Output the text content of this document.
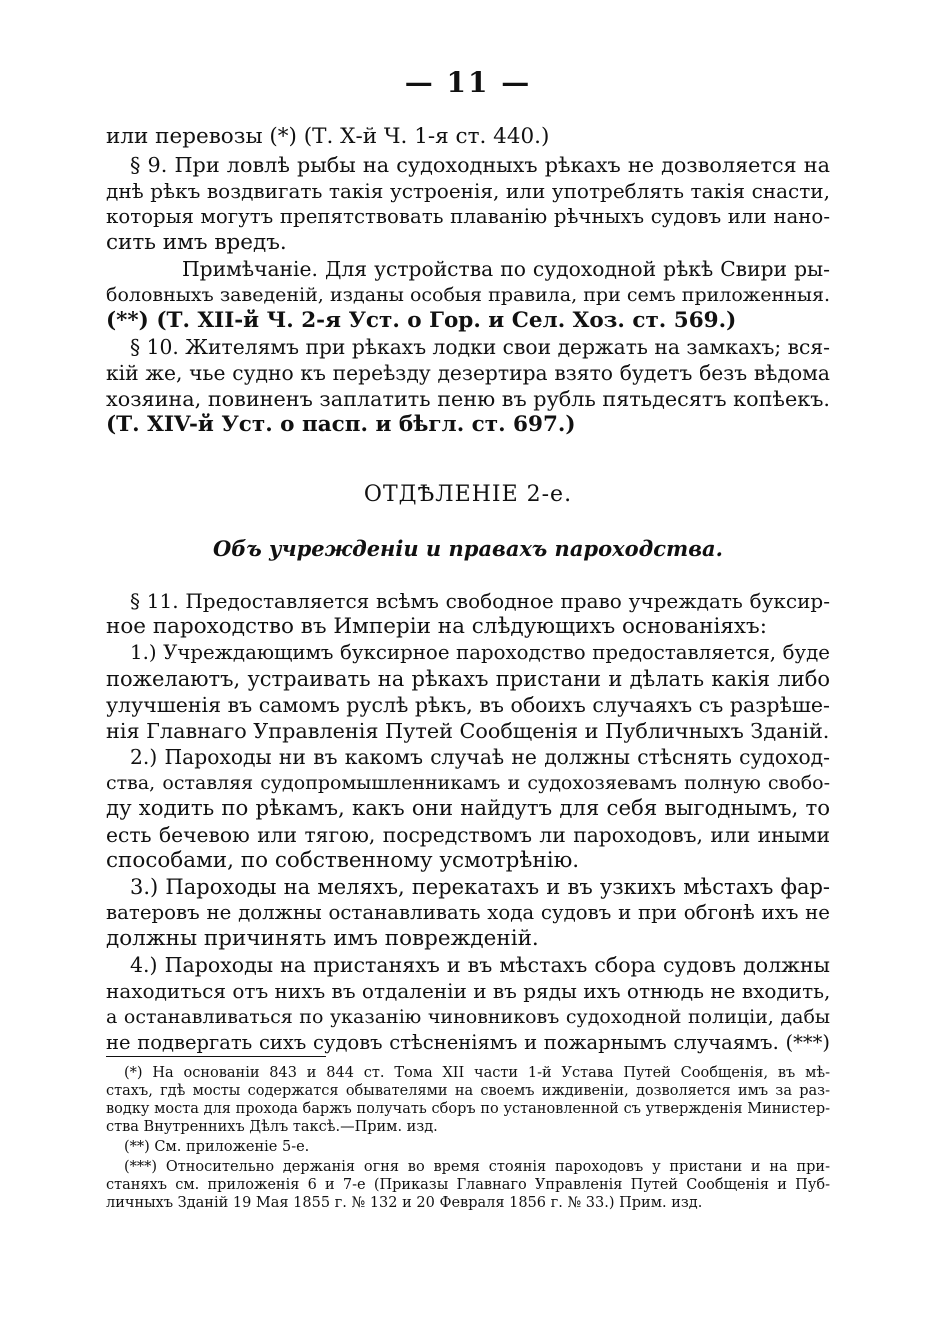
— 11 —
или перевозы (*) (Т. Х-й Ч. 1-я ст. 440.)
§ 9. При ловлѣ рыбы на судоходныхъ рѣкахъ не дозволяется на
днѣ рѣкъ воздвигать такія устроенія, или употреблять такія снасти,
которыя могутъ препятствовать плаванію рѣчныхъ судовъ или нано-
сить имъ вредъ.
Примѣчаніе. Для устройства по судоходной рѣкѣ Свири ры-
боловныхъ заведеній, изданы особыя правила, при семъ приложенныя.
(**) (Т. XII-й Ч. 2-я Уст. о Гор. и Сел. Хоз. ст. 569.)
§ 10. Жителямъ при рѣкахъ лодки свои держать на замкахъ; вся-
кій же, чье судно къ переѣзду дезертира взято будетъ безъ вѣдома
хозяина, повиненъ заплатить пеню въ рубль пятьдесятъ копѣекъ.
(Т. XIV-й Уст. о пасп. и бѣгл. ст. 697.)
ОТДѢЛЕНІЕ 2-е.
Объ учрежденіи и правахъ пароходства.
§ 11. Предоставляется всѣмъ свободное право учреждать буксир-
ное пароходство въ Имперіи на слѣдующихъ основаніяхъ:
1.) Учреждающимъ буксирное пароходство предоставляется, буде
пожелаютъ, устраивать на рѣкахъ пристани и дѣлать какія либо
улучшенія въ самомъ руслѣ рѣкъ, въ обоихъ случаяхъ съ разрѣше-
нія Главнаго Управленія Путей Сообщенія и Публичныхъ Зданій.
2.) Пароходы ни въ какомъ случаѣ не должны стѣснять судоход-
ства, оставляя судопромышленникамъ и судохозяевамъ полную свобо-
ду ходить по рѣкамъ, какъ они найдутъ для себя выгоднымъ, то
есть бечевою или тягою, посредствомъ ли пароходовъ, или иными
способами, по собственному усмотрѣнію.
3.) Пароходы на меляхъ, перекатахъ и въ узкихъ мѣстахъ фар-
ватеровъ не должны останавливать хода судовъ и при обгонѣ ихъ не
должны причинять имъ поврежденій.
4.) Пароходы на пристаняхъ и въ мѣстахъ сбора судовъ должны
находиться отъ нихъ въ отдаленіи и въ ряды ихъ отнюдь не входить,
а останавливаться по указанію чиновниковъ судоходной полиціи, дабы
не подвергать сихъ судовъ стѣсненіямъ и пожарнымъ случаямъ. (***)
(*) На основаніи 843 и 844 ст. Тома XII части 1-й Устава Путей Сообщенія, въ мѣ-
стахъ, гдѣ мосты содержатся обывателями на своемъ иждивеніи, дозволяется имъ за раз-
водку моста для прохода баржъ получать сборъ по установленной съ утвержденія Министер-
ства Внутреннихъ Дѣлъ таксѣ.—Прим. изд.
(**) См. приложеніе 5-е.
(***) Относительно держанія огня во время стоянія пароходовъ у пристани и на при-
станяхъ см. приложенія 6 и 7-е (Приказы Главнаго Управленія Путей Сообщенія и Пуб-
личныхъ Зданій 19 Мая 1855 г. № 132 и 20 Февраля 1856 г. № 33.) Прим. изд.
